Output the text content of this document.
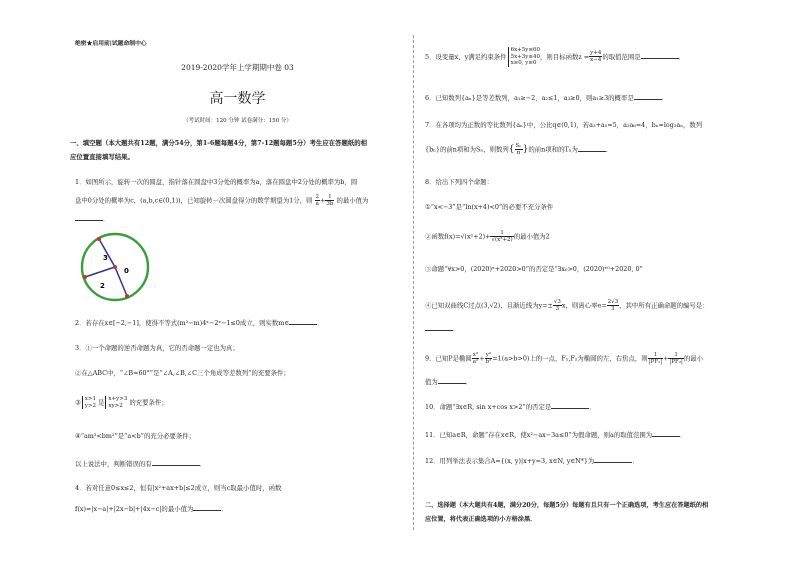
绝密★启用前|试题命制中心
2019-2020学年上学期期中卷 03
高一数学
（考试时间：120 分钟 试卷满分：150 分）
一、填空题（本大题共有12题，满分54分，第1-6题每题4分，第7-12题每题5分）考生应在答题纸的相
应位置直接填写结果。
1．如图所示，旋转一次的圆盘，指针落在圆盘中3分处的概率为a，落在圆盘中2分处的概率为b，圆
盘中0分处的概率为c，(a,b,c∈(0,1))，已知旋转一次圆盘得分的数学期望为1分，则 $\frac{2}{a} + \frac{1}{3b}$ 的最小值为
．
3
0
2
2．若存在x∈[−2,−1]，使得不等式(m²−m)4ˣ−2ˣ−1≤0成立，则实数m∈	．
3．①一个命题的逆否命题为真，它的否命题一定也为真；
②在△ABC中，“∠B=60°”是“∠A,∠B,∠C三个角成等差数列”的充要条件；
③ x>1
y>2 是 x+y>3
xy>2 的充要条件；
④“am²<bm²”是“a<b”的充分必要条件；
以上说法中，判断错误的有	．
4．若对任意0≤x≤2，恒有|x²+ax+b|≤2成立，则当c取最小值时，函数
f(x)=|x−a|+|2x−b|+|4x−c|的最小值为	．
5．设变量x、y满足约束条件6x+5y≤60
5x+3y≤40
x≥0, y≥0，则目标函数$z = \frac{y+4}{x-4}$ 的取值范围是	．
6．已知数列{aₙ}是等差数列，a₁≥−2，a₂≤1，a₃≥0，则a₁≥3的概率是	．
7．在各项均为正数的等比数列{aₙ}中，公比q∈(0,1)，若a₃+a₅=5，a₂a₆=4，bₙ=log₂aₙ，数列
{bₙ}的前n项和为Sₙ，则数列{ $\frac{\text{Sₙ}}{n}$ }的前n项和的Tₙ为	．
8．给出下列四个命题：
①“x<−3”是“ln(x+4)<0”的必要不充分条件
②函数$f(x)=√(x^2+2)+ \frac{1}{\text{√(x²+2)}}$ 的最小值为2
③命题“∀x>0，(2020)ˣ+2020>0”的否定是“∃x₀>0，(2020)ˣ⁰+2020, 0”
④已知双曲线C过点(3,√2)，且渐近线为$y=\pm \frac{√3}{3}$ x，则离心率$e= \frac{2√3}{3}$ ，其中所有正确命题的编号是：
．
9．已知P是椭圆 $\frac{\text{x²}}{\text{a²}} + \frac{\text{y²}}{\text{b²}} =1(a>b>0)$上的一点，F₁,F₂为椭圆的左、右焦点，则 $\frac{1}{\text{|PF₁|}} + \frac{1}{\text{|PF₂|}}$ 的最小
值为	．
10．命题“∃x∈R, sin x+cos x>2”的否定是	．
11．已知a∈R，命题“存在x∈R，使x²−ax−3a≤0”为假命题，则a的取值范围为	．
12．用列举法表示集合A={(x, y)|x+y=3, x∈N, y∈N*}为	．
二、选择题（本大题共有4题，满分20分，每题5分）每题有且只有一个正确选项，考生应在答题纸的相
应位置，将代表正确选项的小方格涂黑．
